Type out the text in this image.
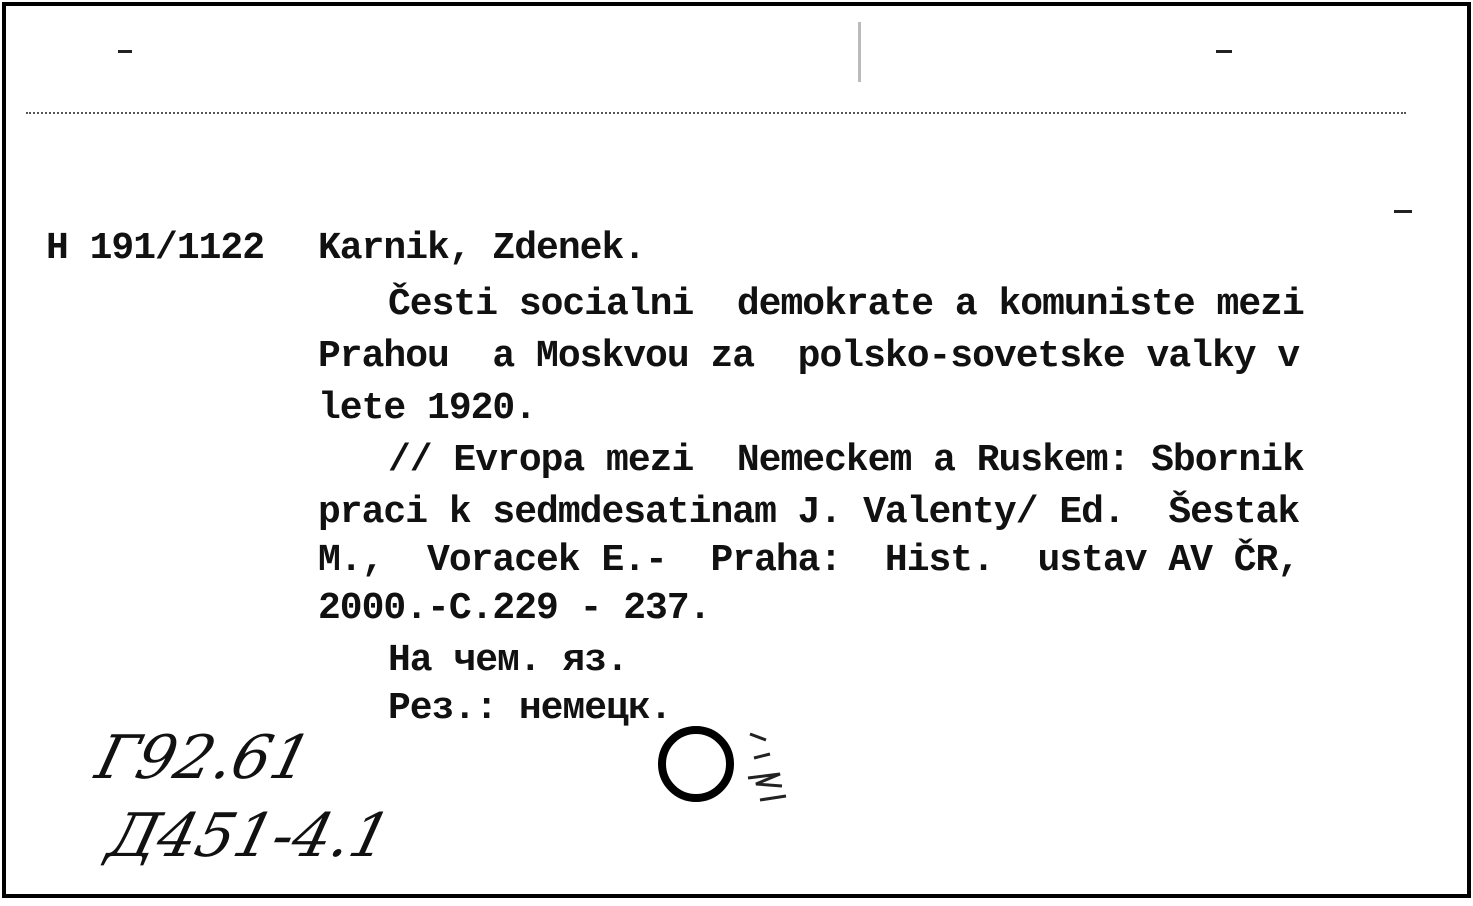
Н 191/1122 Karnik, Zdenek.

Česti socialni  demokrate a komuniste mezi

Prahou  a Moskvou za  polsko-sovetske valky v

lete 1920.

// Evropa mezi  Nemeckem a Ruskem: Sbornik

praci k sedmdesatinam J. Valenty/ Ed.  Šestak

M.,  Voracek E.-  Praha:  Hist.  ustav AV ČR,

2000.-C.229 - 237.

На чем. яз.

Рез.: немецк.

Г92.61

Д451-4.1
